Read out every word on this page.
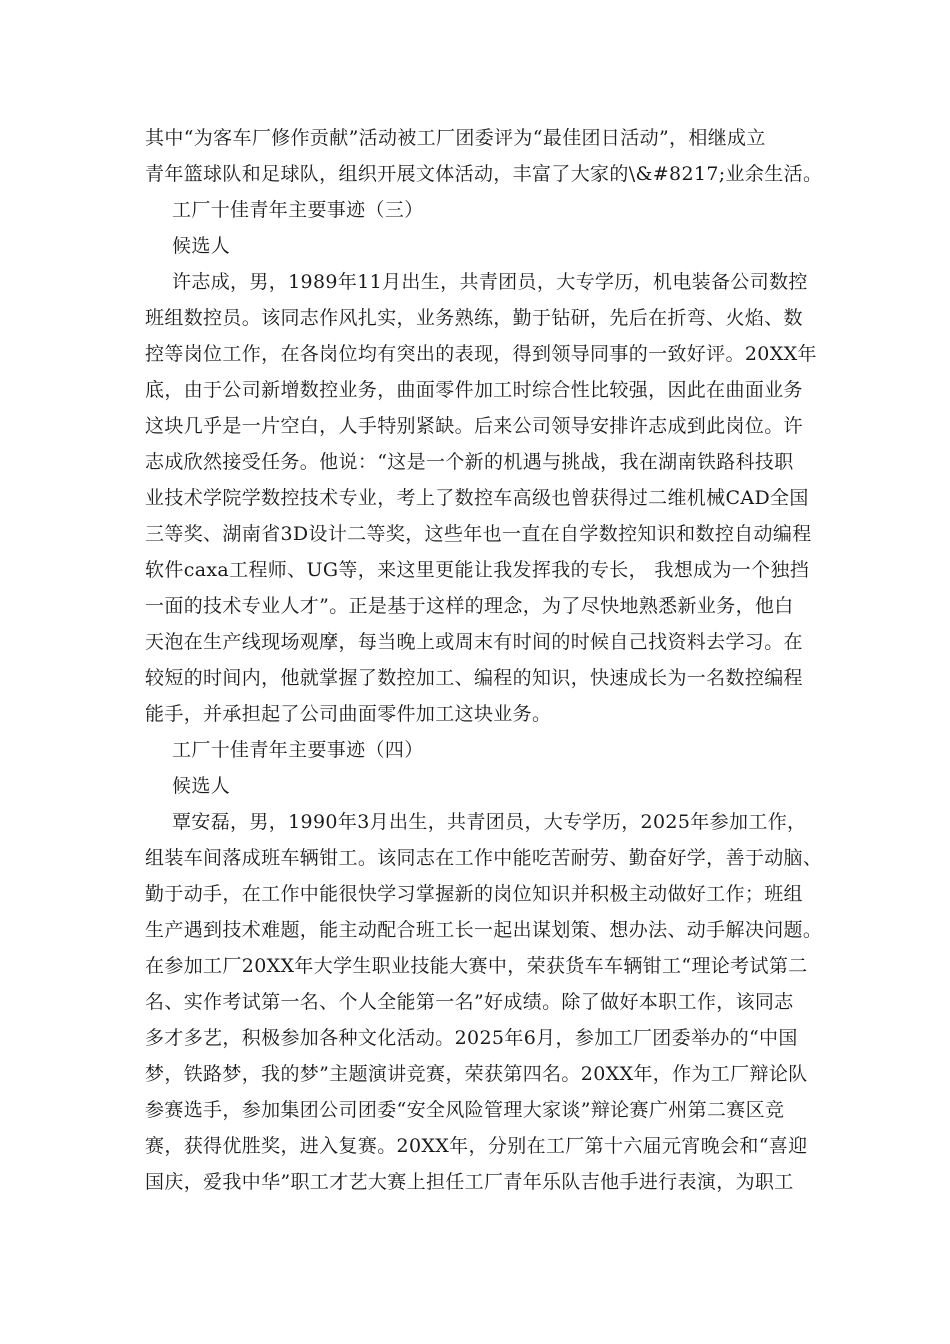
其中“为客车厂修作贡献”活动被工厂团委评为“最佳团日活动”，相继成立
青年篮球队和足球队，组织开展文体活动，丰富了大家的\&#8217;业余生活。
工厂十佳青年主要事迹（三）
候选人
许志成，男，1989年11月出生，共青团员，大专学历，机电装备公司数控
班组数控员。该同志作风扎实，业务熟练，勤于钻研，先后在折弯、火焰、数
控等岗位工作，在各岗位均有突出的表现，得到领导同事的一致好评。20XX年
底，由于公司新增数控业务，曲面零件加工时综合性比较强，因此在曲面业务
这块几乎是一片空白，人手特别紧缺。后来公司领导安排许志成到此岗位。许
志成欣然接受任务。他说：“这是一个新的机遇与挑战，我在湖南铁路科技职
业技术学院学数控技术专业，考上了数控车高级也曾获得过二维机械CAD全国
三等奖、湖南省3D设计二等奖，这些年也一直在自学数控知识和数控自动编程
软件caxa工程师、UG等，来这里更能让我发挥我的专长， 我想成为一个独挡
一面的技术专业人才”。正是基于这样的理念，为了尽快地熟悉新业务，他白
天泡在生产线现场观摩，每当晚上或周末有时间的时候自己找资料去学习。在
较短的时间内，他就掌握了数控加工、编程的知识，快速成长为一名数控编程
能手，并承担起了公司曲面零件加工这块业务。
工厂十佳青年主要事迹（四）
候选人
覃安磊，男，1990年3月出生，共青团员，大专学历，2025年参加工作，
组装车间落成班车辆钳工。该同志在工作中能吃苦耐劳、勤奋好学，善于动脑、
勤于动手，在工作中能很快学习掌握新的岗位知识并积极主动做好工作；班组
生产遇到技术难题，能主动配合班工长一起出谋划策、想办法、动手解决问题。
在参加工厂20XX年大学生职业技能大赛中，荣获货车车辆钳工“理论考试第二
名、实作考试第一名、个人全能第一名”好成绩。除了做好本职工作，该同志
多才多艺，积极参加各种文化活动。2025年6月，参加工厂团委举办的“中国
梦，铁路梦，我的梦”主题演讲竞赛，荣获第四名。20XX年，作为工厂辩论队
参赛选手，参加集团公司团委“安全风险管理大家谈”辩论赛广州第二赛区竞
赛，获得优胜奖，进入复赛。20XX年，分别在工厂第十六届元宵晚会和“喜迎
国庆，爱我中华”职工才艺大赛上担任工厂青年乐队吉他手进行表演，为职工
